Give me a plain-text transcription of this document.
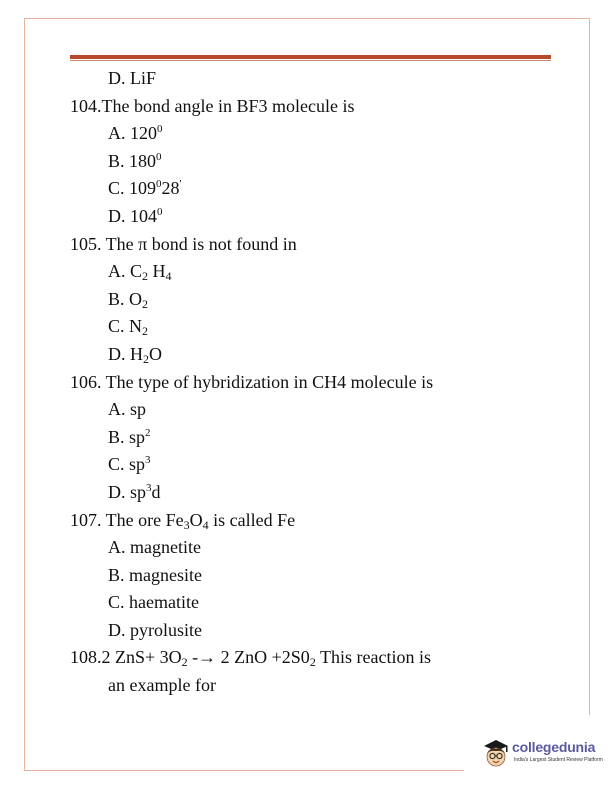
D. LiF
104.The bond angle in BF3 molecule is
A. $120^0$
B. $180^0$
C. $109^028'$
D. $104^0$
105. The π bond is not found in
A. $C_2$ $H_4$
B. $O_2$
C. $N_2$
D. $H_2O$
106. The type of hybridization in CH4 molecule is
A. sp
B. $sp^2$
C. $sp^3$
D. $sp^3d$
107. The ore $Fe_3O_4$ is called Fe
A. magnetite
B. magnesite
C. haematite
D. pyrolusite
108.2 $ZnS+ 3O_2 -\to 2$ ZnO $+2S0_2$ This reaction is
an example for
collegedunia
India's Largest Student Review Platform
